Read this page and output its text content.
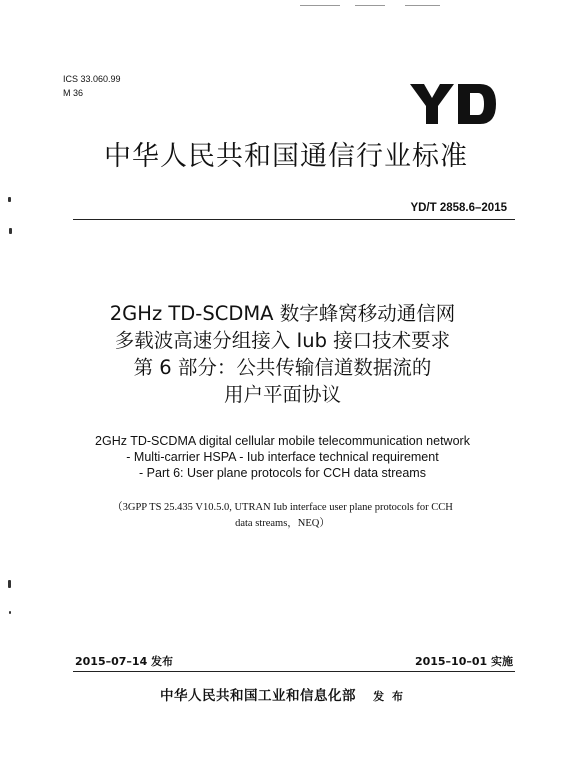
ICS 33.060.99
M 36
中华人民共和国通信行业标准
YD/T 2858.6–2015
2GHz TD-SCDMA 数字蜂窝移动通信网
多载波高速分组接入 Iub 接口技术要求
第 6 部分：公共传输信道数据流的
用户平面协议
2GHz TD-SCDMA digital cellular mobile telecommunication network
- Multi-carrier HSPA - Iub interface technical requirement
- Part 6: User plane protocols for CCH data streams
（3GPP TS 25.435 V10.5.0, UTRAN Iub interface user plane protocols for CCH
data streams，NEQ）
2015–07–14 发布	2015–10–01 实施
中华人民共和国工业和信息化部 发 布
